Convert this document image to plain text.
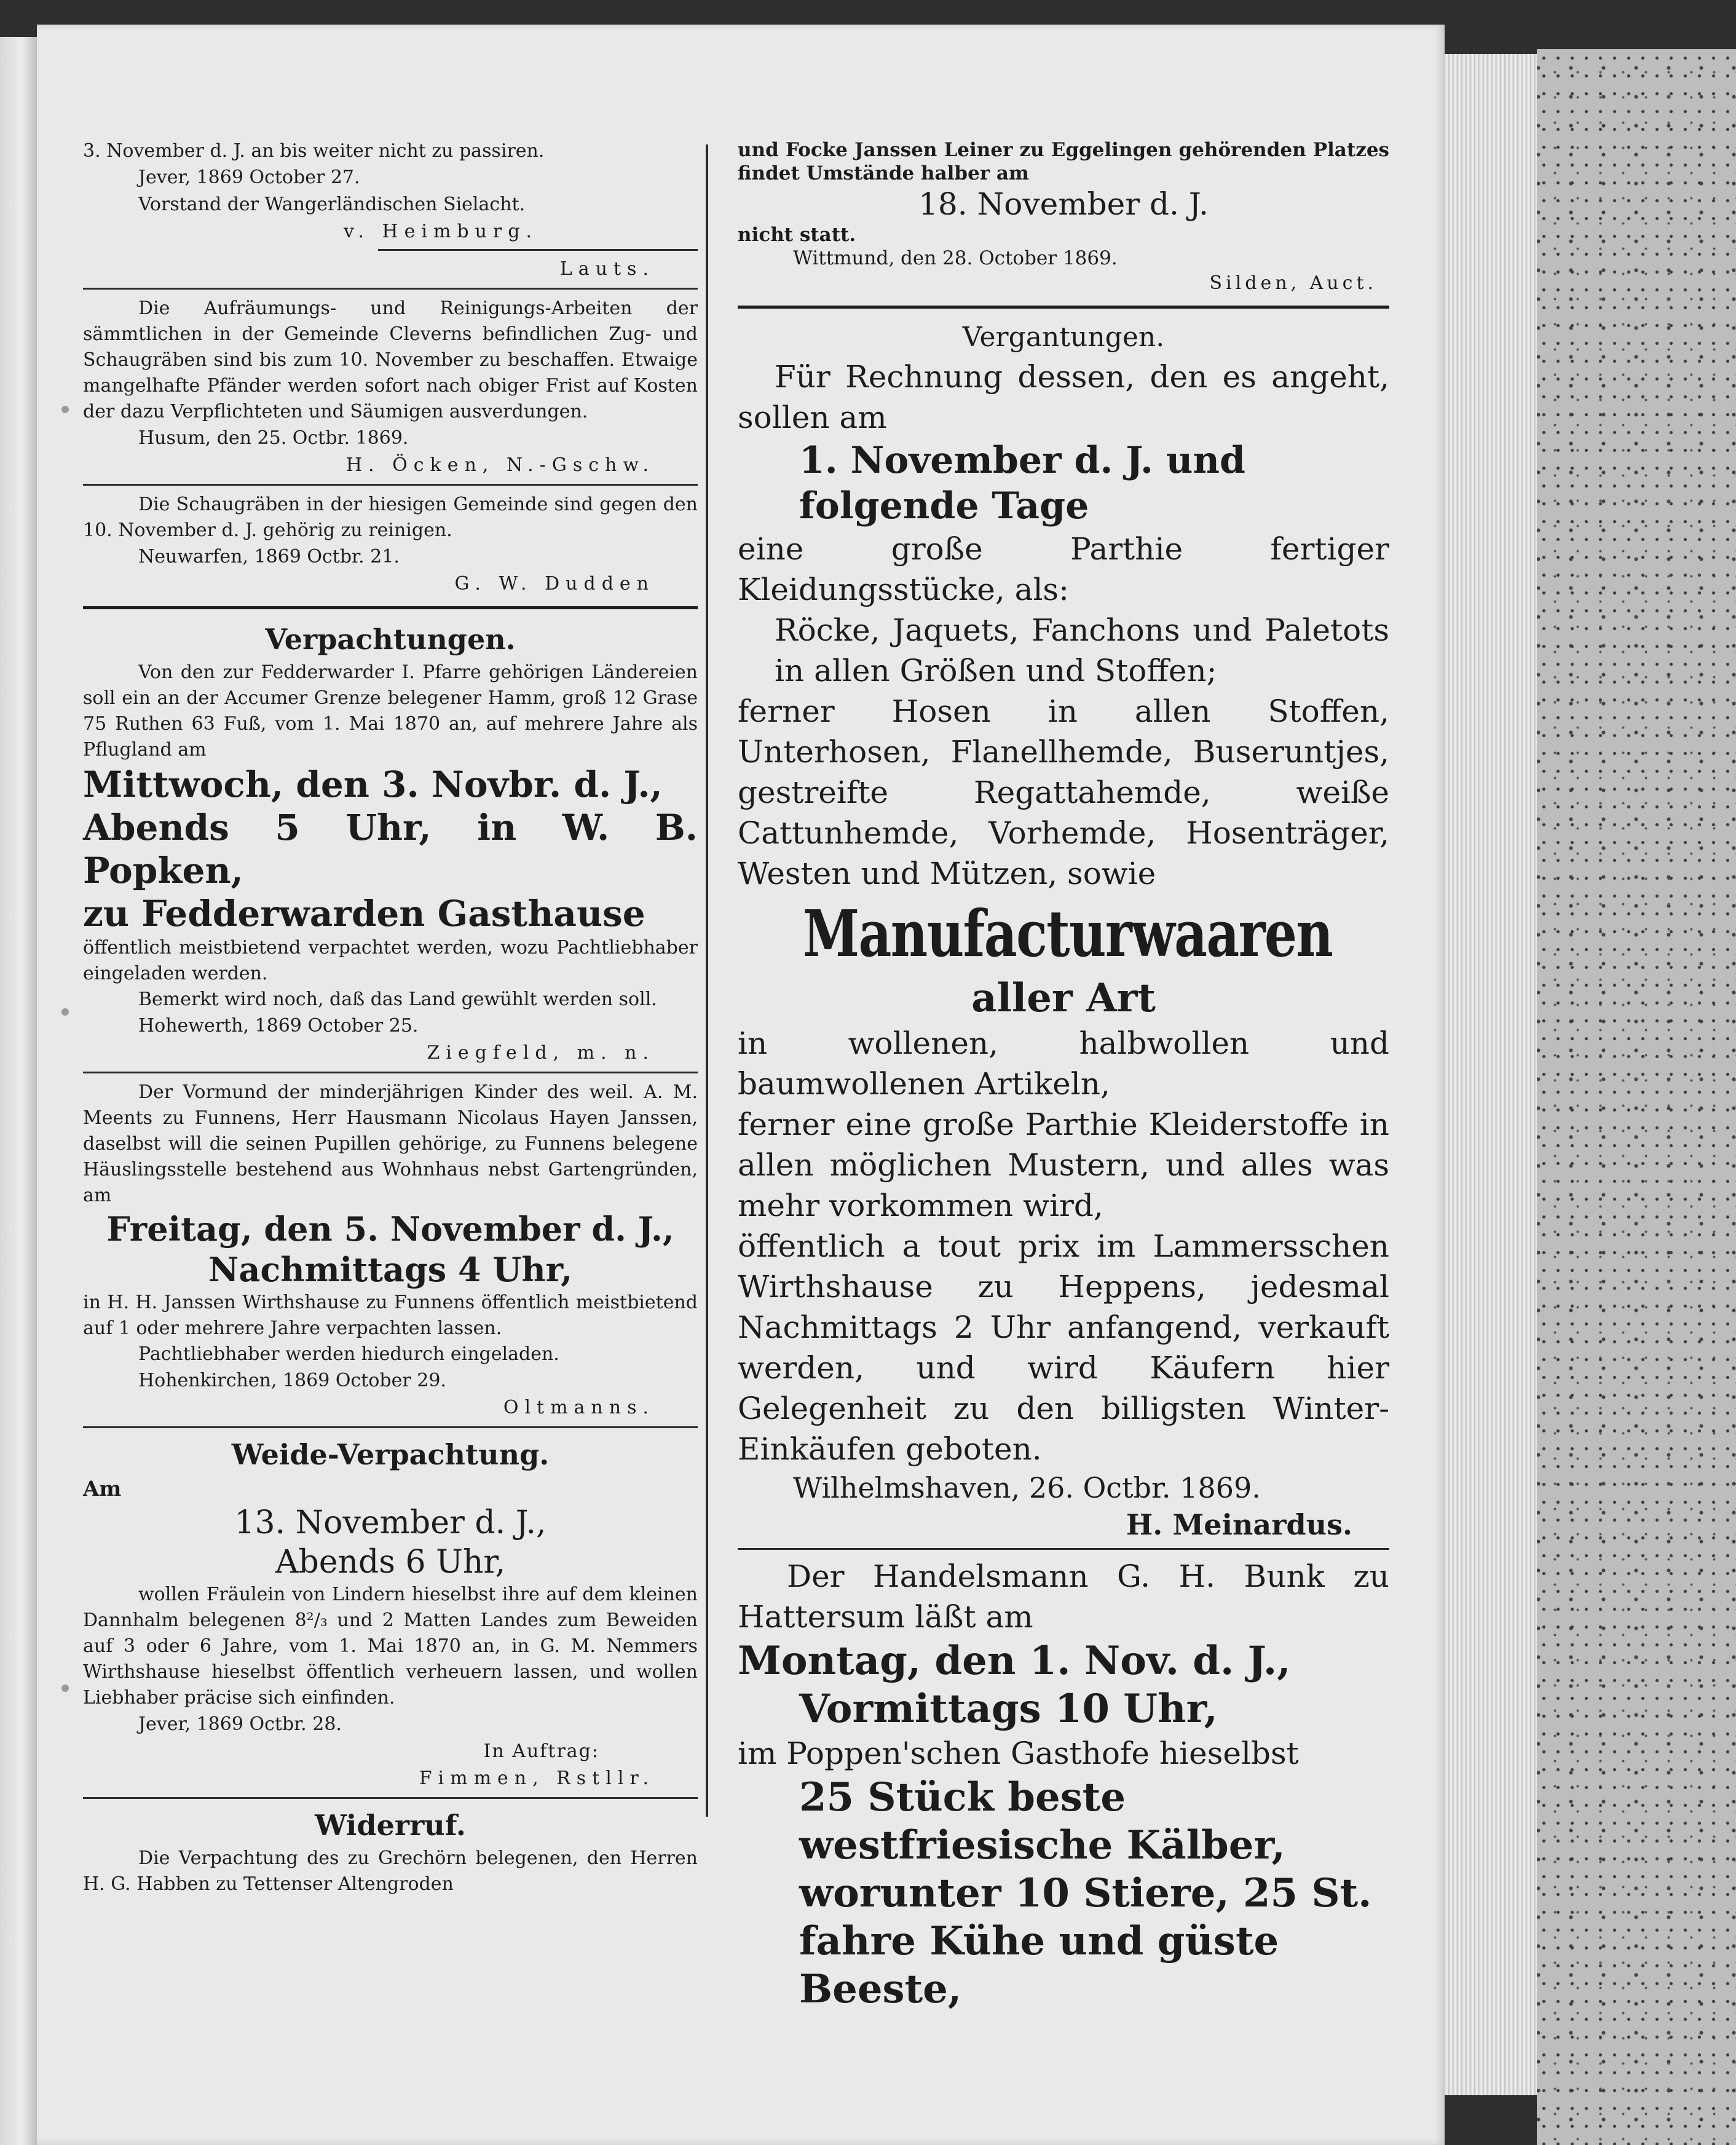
3. November d. J. an bis weiter nicht zu passiren.

Jever, 1869 October 27.

Vorstand der Wangerländischen Sielacht.

v. Heimburg.

Lauts.

Die Aufräumungs- und Reinigungs-Arbeiten der sämmtlichen in der Gemeinde Cleverns befindlichen Zug- und Schaugräben sind bis zum 10. November zu beschaffen. Etwaige mangelhafte Pfänder werden sofort nach obiger Frist auf Kosten der dazu Verpflichteten und Säumigen ausverdungen.

Husum, den 25. Octbr. 1869.

H. Öcken, N.-Gschw.

Die Schaugräben in der hiesigen Gemeinde sind gegen den 10. November d. J. gehörig zu reinigen.

Neuwarfen, 1869 Octbr. 21.

G. W. Dudden

Verpachtungen.

Von den zur Fedderwarder I. Pfarre gehörigen Ländereien soll ein an der Accumer Grenze belegener Hamm, groß 12 Grase 75 Ruthen 63 Fuß, vom 1. Mai 1870 an, auf mehrere Jahre als Pflugland am

Mittwoch, den 3. Novbr. d. J.,

Abends 5 Uhr, in W. B. Popken,

zu Fedderwarden Gasthause

öffentlich meistbietend verpachtet werden, wozu Pachtliebhaber eingeladen werden.

Bemerkt wird noch, daß das Land gewühlt werden soll.

Hohewerth, 1869 October 25.

Ziegfeld, m. n.

Der Vormund der minderjährigen Kinder des weil. A. M. Meents zu Funnens, Herr Hausmann Nicolaus Hayen Janssen, daselbst will die seinen Pupillen gehörige, zu Funnens belegene Häuslingsstelle bestehend aus Wohnhaus nebst Gartengründen, am

Freitag, den 5. November d. J.,

Nachmittags 4 Uhr,

in H. H. Janssen Wirthshause zu Funnens öffentlich meistbietend auf 1 oder mehrere Jahre verpachten lassen.

Pachtliebhaber werden hiedurch eingeladen.

Hohenkirchen, 1869 October 29.

Oltmanns.

Weide-Verpachtung.

Am

13. November d. J.,

Abends 6 Uhr,

wollen Fräulein von Lindern hieselbst ihre auf dem kleinen Dannhalm belegenen 8²/₃ und 2 Matten Landes zum Beweiden auf 3 oder 6 Jahre, vom 1. Mai 1870 an, in G. M. Nemmers Wirthshause hieselbst öffentlich verheuern lassen, und wollen Liebhaber präcise sich einfinden.

Jever, 1869 Octbr. 28.

In Auftrag:

Fimmen, Rstllr.

Widerruf.

Die Verpachtung des zu Grechörn belegenen, den Herren H. G. Habben zu Tettenser Altengroden

und Focke Janssen Leiner zu Eggelingen gehörenden Platzes findet Umstände halber am

18. November d. J.

nicht statt.

Wittmund, den 28. October 1869.

Silden, Auct.

Vergantungen.

Für Rechnung dessen, den es angeht, sollen am

1. November d. J. und

folgende Tage

eine große Parthie fertiger Kleidungsstücke, als:

Röcke, Jaquets, Fanchons und Paletots in allen Größen und Stoffen;

ferner Hosen in allen Stoffen, Unterhosen, Flanellhemde, Buseruntjes, gestreifte Regattahemde, weiße Cattunhemde, Vorhemde, Hosenträger, Westen und Mützen, sowie

Manufacturwaaren

aller Art

in wollenen, halbwollen und baumwollenen Artikeln,

ferner eine große Parthie Kleiderstoffe in allen möglichen Mustern, und alles was mehr vorkommen wird,

öffentlich a tout prix im Lammersschen Wirthshause zu Heppens, jedesmal Nachmittags 2 Uhr anfangend, verkauft werden, und wird Käufern hier Gelegenheit zu den billigsten Winter-Einkäufen geboten.

Wilhelmshaven, 26. Octbr. 1869.

H. Meinardus.

Der Handelsmann G. H. Bunk zu Hattersum läßt am

Montag, den 1. Nov. d. J.,

Vormittags 10 Uhr,

im Poppen'schen Gasthofe hieselbst

25 Stück beste westfriesische Kälber, worunter 10 Stiere, 25 St. fahre Kühe und güste Beeste,
